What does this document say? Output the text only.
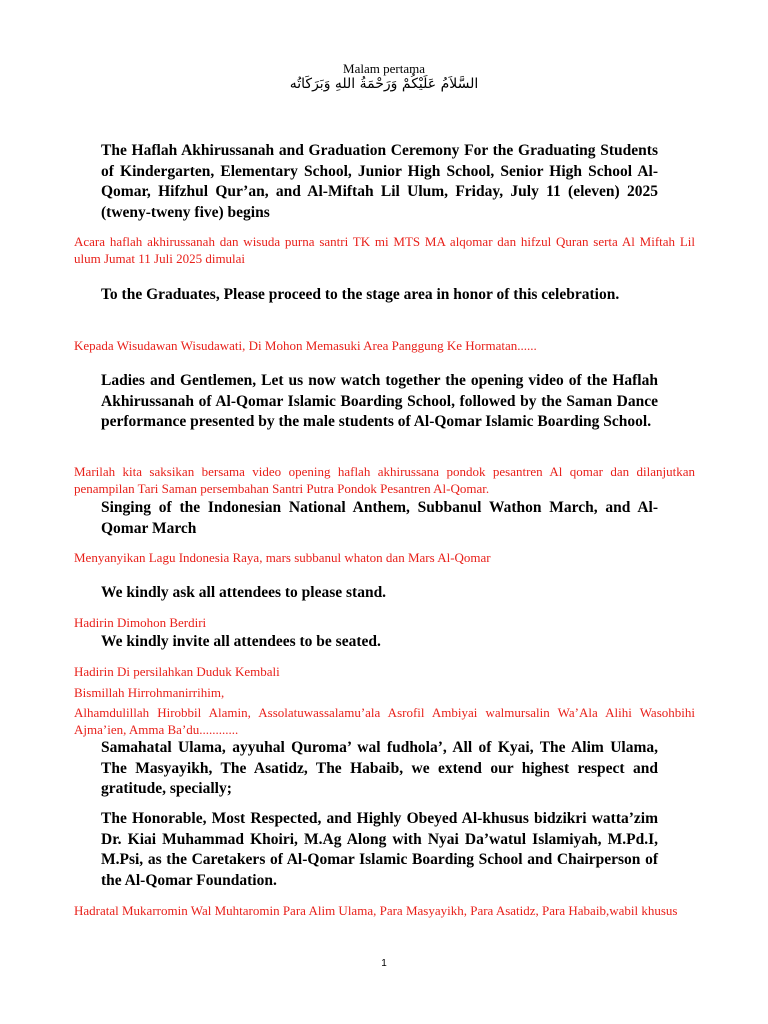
Malam pertama
السَّلاَمُ عَلَيْكُمْ وَرَحْمَةُ اللهِ وَبَرَكَاتُه
The Haflah Akhirussanah and Graduation Ceremony For the Graduating Students of Kindergarten, Elementary School, Junior High School, Senior High School Al-Qomar, Hifzhul Qur’an, and Al-Miftah Lil Ulum, Friday, July 11 (eleven) 2025 (tweny-tweny five) begins
Acara haflah akhirussanah dan wisuda purna santri TK mi MTS MA alqomar dan hifzul Quran serta Al Miftah Lil ulum Jumat 11 Juli 2025 dimulai
To the Graduates, Please proceed to the stage area in honor of this celebration.
Kepada Wisudawan Wisudawati, Di Mohon Memasuki Area Panggung Ke Hormatan......
Ladies and Gentlemen, Let us now watch together the opening video of the Haflah Akhirussanah of Al-Qomar Islamic Boarding School, followed by the Saman Dance performance presented by the male students of Al-Qomar Islamic Boarding School.
Marilah kita saksikan bersama video opening haflah akhirussana pondok pesantren Al qomar dan dilanjutkan penampilan Tari Saman persembahan Santri Putra Pondok Pesantren Al-Qomar.
Singing of the Indonesian National Anthem, Subbanul Wathon March, and Al-Qomar March
Menyanyikan Lagu Indonesia Raya, mars subbanul whaton dan Mars Al-Qomar
We kindly ask all attendees to please stand.
Hadirin Dimohon Berdiri
We kindly invite all attendees to be seated.
Hadirin Di persilahkan Duduk Kembali
Bismillah Hirrohmanirrihim,
Alhamdulillah Hirobbil Alamin, Assolatuwassalamu’ala Asrofil Ambiyai walmursalin Wa’Ala Alihi Wasohbihi Ajma’ien, Amma Ba’du............
Samahatal Ulama, ayyuhal Quroma’ wal fudhola’, All of Kyai, The Alim Ulama, The Masyayikh, The Asatidz, The Habaib, we extend our highest respect and gratitude, specially;
The Honorable, Most Respected, and Highly Obeyed Al-khusus bidzikri watta’zim Dr. Kiai Muhammad Khoiri, M.Ag Along with Nyai Da’watul Islamiyah, M.Pd.I, M.Psi, as the Caretakers of Al-Qomar Islamic Boarding School and Chairperson of the Al-Qomar Foundation.
Hadratal Mukarromin Wal Muhtaromin Para Alim Ulama, Para Masyayikh, Para Asatidz, Para Habaib,wabil khusus
1
